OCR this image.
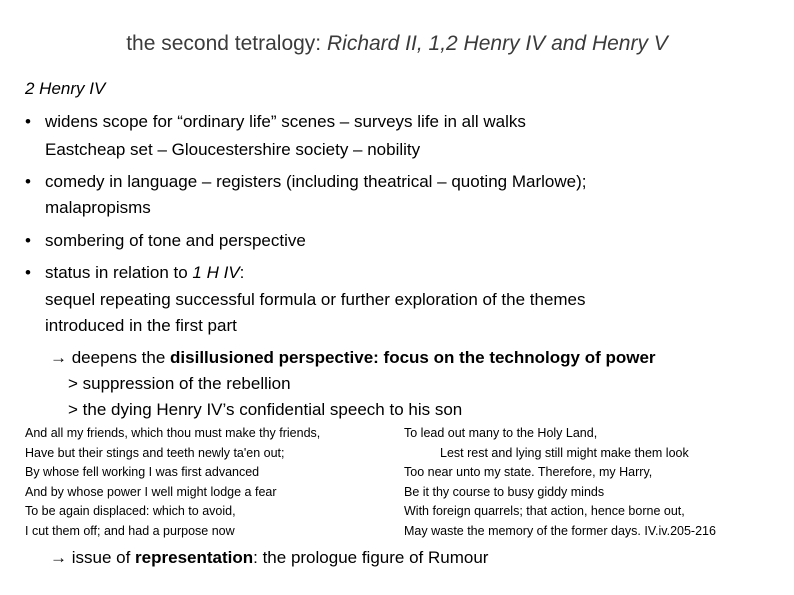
the second tetralogy: Richard II, 1,2 Henry IV and Henry V
2 Henry IV
• widens scope for “ordinary life” scenes – surveys life in all walks
Eastcheap set – Gloucestershire society – nobility
• comedy in language – registers (including theatrical – quoting Marlowe);
malapropisms
• sombering of tone and perspective
• status in relation to 1 H IV:
sequel repeating successful formula or further exploration of the themes
introduced in the first part
→ deepens the disillusioned perspective: focus on the technology of power
> suppression of the rebellion
> the dying Henry IV’s confidential speech to his son
And all my friends, which thou must make thy friends,
Have but their stings and teeth newly ta'en out;
By whose fell working I was first advanced
And by whose power I well might lodge a fear
To be again displaced: which to avoid,
I cut them off; and had a purpose now
To lead out many to the Holy Land,
Lest rest and lying still might make them look
Too near unto my state. Therefore, my Harry,
Be it thy course to busy giddy minds
With foreign quarrels; that action, hence borne out,
May waste the memory of the former days. IV.iv.205-216
→ issue of representation: the prologue figure of Rumour
